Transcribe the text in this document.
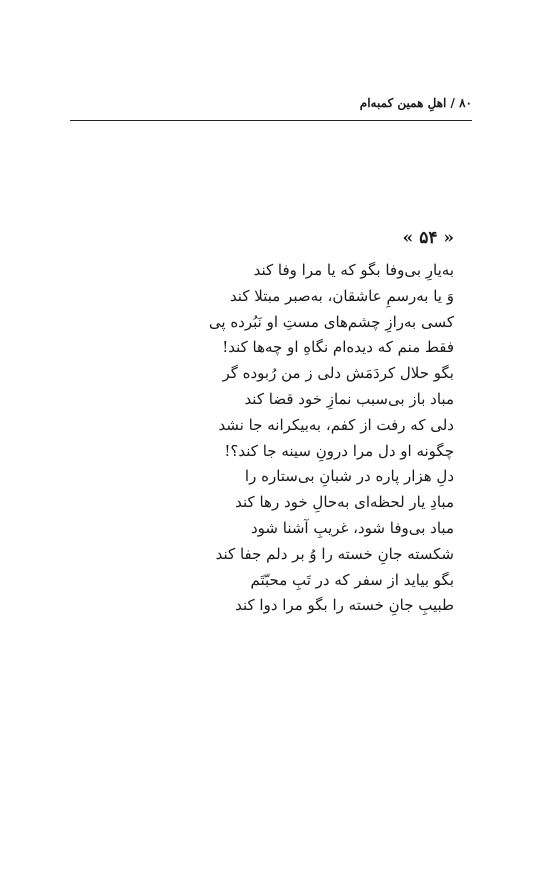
۸۰ / اهلِ همین کمبه‌ام
« ۵۴ »
به‌یارِ بی‌وفا بگو که یا مرا وفا کند
وَ یا به‌رسمِ عاشقان، به‌صبر مبتلا کند
کسی به‌رازِ چشم‌های مستِ او نَبُرده پی
فقط منم که دیده‌ام نگاهِ او چه‌ها کند!
بگو حلال کردَمَش دلی ز من رُبوده گر
مباد باز بی‌سبب نمازِ خود قضا کند
دلی که رفت از کفم، به‌بیکرانه جا نشد
چگونه او دل مرا درونِ سینه جا کند؟!
دلِ هزار پاره در شبانِ بی‌ستاره را
مبادِ یار لحظه‌ای به‌حالِ خود رها کند
مباد بی‌وفا شود، غریبِ آشنا شود
شکسته جانِ خسته را وُ بر دلم جفا کند
بگو بیاید از سفر که در تَبِ محبّتَم
طبیبِ جانِ خسته را بگو مرا دوا کند
